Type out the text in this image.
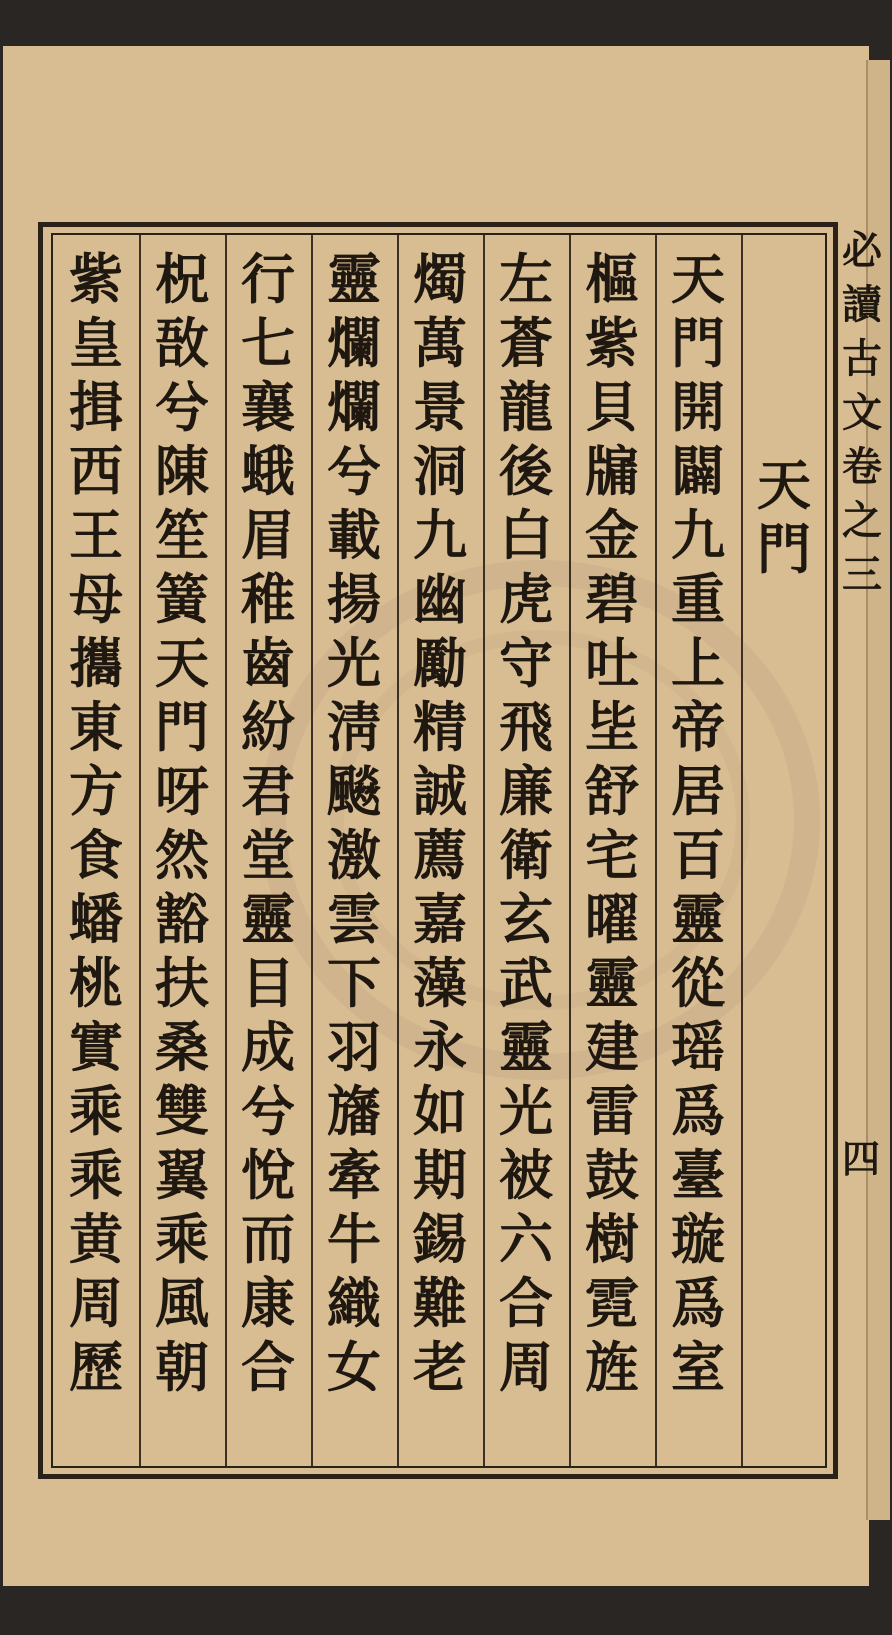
必
讀
古
文
卷
之
三
四
天
門
天
門
開
闢
九
重
上
帝
居
百
靈
從
瑶
爲
臺
璇
爲
室
樞
紫
貝
牖
金
碧
吐
坒
舒
宅
曜
靈
建
雷
鼓
樹
霓
旌
左
蒼
龍
後
白
虎
守
飛
廉
衛
玄
武
靈
光
被
六
合
周
燭
萬
景
洞
九
幽
勵
精
誠
薦
嘉
藻
永
如
期
錫
難
老
靈
爛
爛
兮
載
揚
光
淸
飈
激
雲
下
羽
旛
牽
牛
織
女
行
七
襄
蛾
眉
稚
齒
紛
君
堂
靈
目
成
兮
悅
而
康
合
柷
敔
兮
陳
笙
簧
天
門
呀
然
豁
扶
桑
雙
翼
乘
風
朝
紫
皇
揖
西
王
母
攜
東
方
食
蟠
桃
實
乘
乘
黄
周
歷
